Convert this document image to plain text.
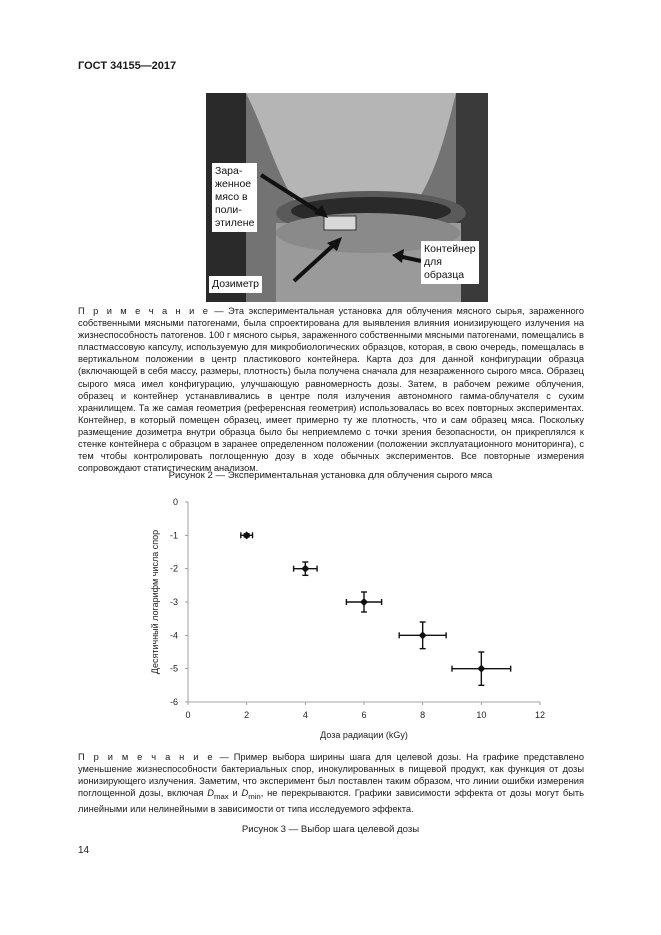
ГОСТ 34155—2017
Зара-
женное
мясо в
поли-
этилене
Контейнер
для
образца
Дозиметр

П р и м е ч а н и е — Эта экспериментальная установка для облучения мясного сырья, зараженного собственными мясными патогенами, была спроектирована для выявления влияния ионизирующего излучения на жизнеспособность патогенов. 100 г мясного сырья, зараженного собственными мясными патогенами, помещались в пластмассовую капсулу, используемую для микробиологических образцов, которая, в свою очередь, помещалась в вертикальном положении в центр пластикового контейнера. Карта доз для данной конфигурации образца (включающей в себя массу, размеры, плотность) была получена сначала для незараженного сырого мяса. Образец сырого мяса имел конфигурацию, улучшающую равномерность дозы. Затем, в рабочем режиме облучения, образец и контейнер устанавливались в центре поля излучения автономного гамма-облучателя с сухим хранилищем. Та же самая геометрия (референсная геометрия) использовалась во всех повторных экспериментах. Контейнер, в который помещен образец, имеет примерно ту же плотность, что и сам образец мяса. Поскольку размещение дозиметра внутри образца было бы неприемлемо с точки зрения безопасности, он прикреплялся к стенке контейнера с образцом в заранее определенном положении (положении эксплуатационного мониторинга), с тем чтобы контролировать поглощенную дозу в ходе обычных экспериментов. Все повторные измерения сопровождают статистическим анализом.

Рисунок 2 — Экспериментальная установка для облучения сырого мяса
0
-1
-2
-3
-4
-5
-6
0	2	4	6	8	10	12
Доза радиации (kGy)
Десятичный логарифм числа спор

П р и м е ч а н и е — Пример выбора ширины шага для целевой дозы. На графике представлено уменьшение жизнеспособности бактериальных спор, инокулированных в пищевой продукт, как функция от дозы ионизирующего излучения. Заметим, что эксперимент был поставлен таким образом, что линии ошибки измерения поглощенной дозы, включая $D_{max}$ и $D_{min}$, не перекрываются. Графики зависимости эффекта от дозы могут быть линейными или нелинейными в зависимости от типа исследуемого эффекта.

Рисунок 3 — Выбор шага целевой дозы
14
